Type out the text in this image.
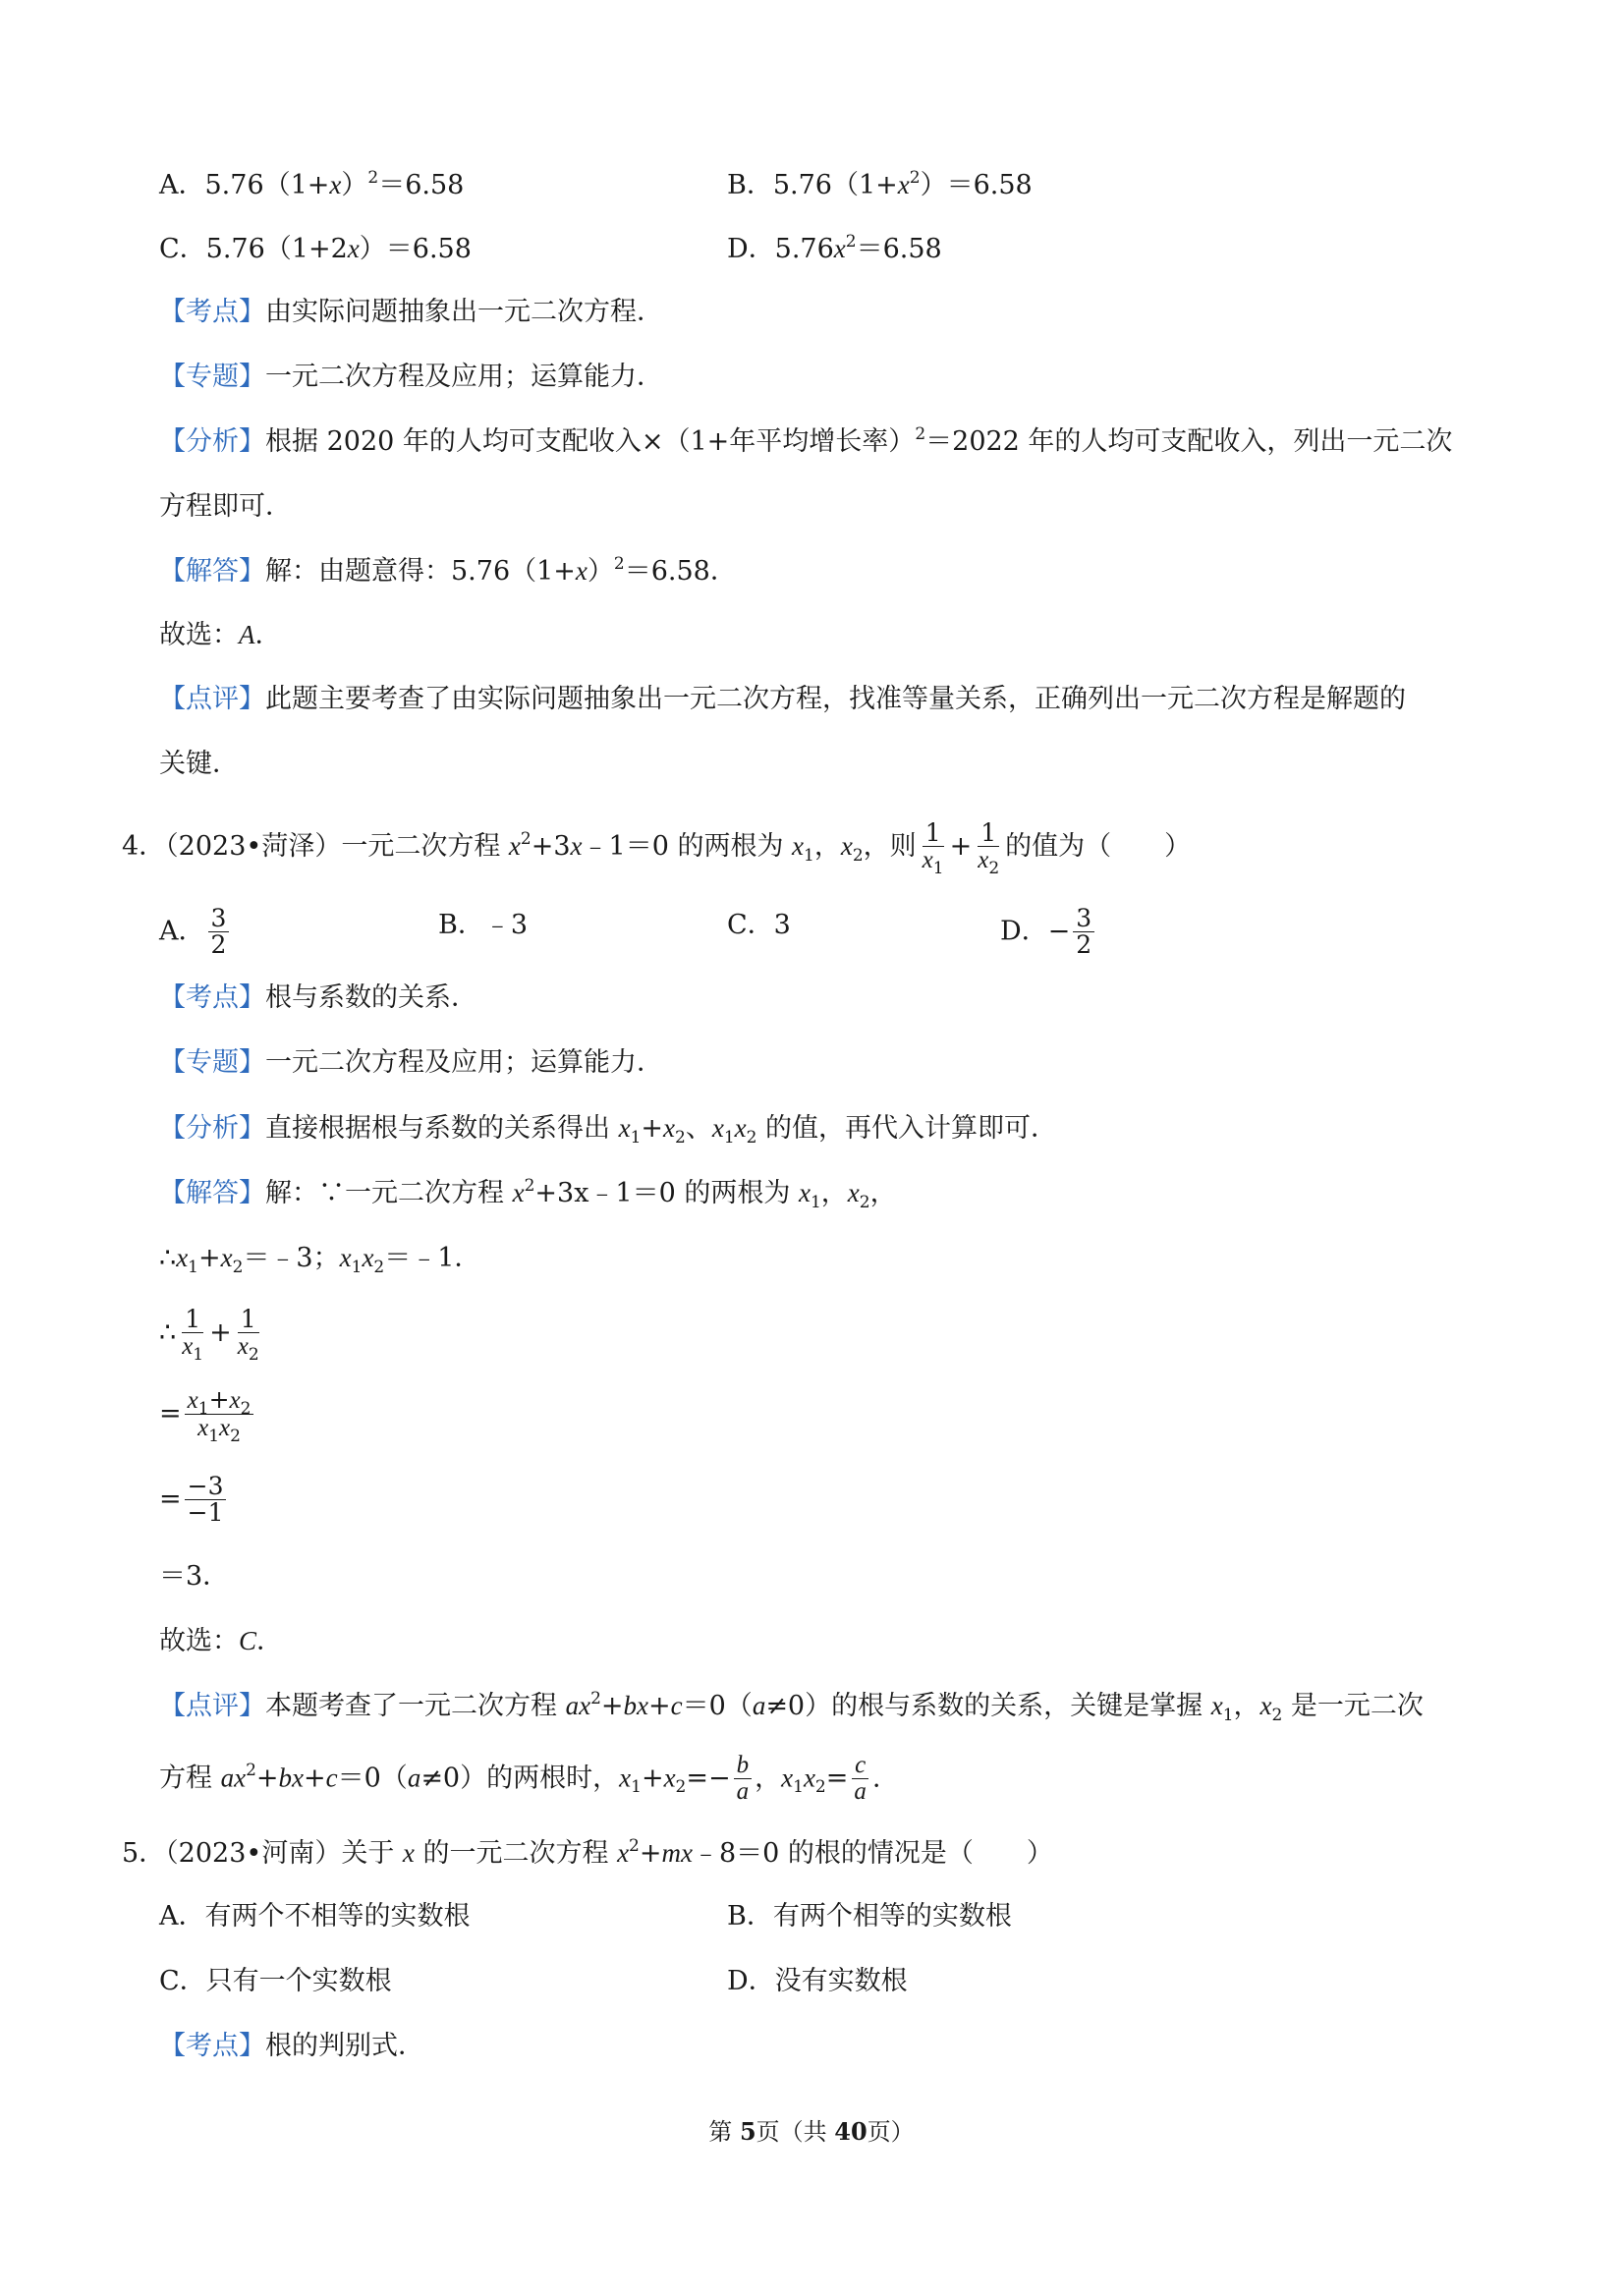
A．$5.76(1+x)^2=6.58$	B．$5.76(1+x^2)=6.58$
C．5.76（1+2x）＝6.58	D．$5.76x^2=6.58$
【考点】由实际问题抽象出一元二次方程．
【专题】一元二次方程及应用；运算能力．
【分析】根据 2020 年的人均可支配收入×（1+年平均增长率）$^2$＝2022 年的人均可支配收入，列出一元二次
方程即可．
【解答】解：由题意得：$5.76(1+x)^2=6.58$．
故选：A．
【点评】此题主要考查了由实际问题抽象出一元二次方程，找准等量关系，正确列出一元二次方程是解题的
关键．
4．（2023•菏泽）一元二次方程 $x^2+3x﹣1=0$ 的两根为 $x_1$，$x_2$，则 $\frac{1}{x_1} + \frac{1}{x_2}$ 的值为（　　）
A． $\frac{3}{2}$	B．﹣3	C．3	D．− $\frac{3}{2}$
【考点】根与系数的关系．
【专题】一元二次方程及应用；运算能力．
【分析】直接根据根与系数的关系得出 $x_1+x_2$、$x_1x_2$ 的值，再代入计算即可．
【解答】解：∵一元二次方程 $x^2+3x﹣1=0$ 的两根为 $x_1$，$x_2$，
$\therefore x_1+x_2=﹣3$；$x_1x_2=﹣1$．
∴ $\frac{1}{x_1} + \frac{1}{x_2}$
= $\frac{x_1+x_2}{x_1x_2}$
= $\frac{-3}{-1}$
＝3．
故选：C．
【点评】本题考查了一元二次方程 $ax^2+bx+c=0(a\ne 0)$的根与系数的关系，关键是掌握 $x_1$，$x_2$ 是一元二次
方程 $ax^2+bx+c=0(a\ne 0)$的两根时，$x_1+x_2=- \frac{b}{a}$ ，$x_1x_2= \frac{c}{a}$ .
5．（2023•河南）关于 x 的一元二次方程 $x^2+mx﹣8=0$ 的根的情况是（　　）
A．有两个不相等的实数根	B．有两个相等的实数根
C．只有一个实数根	D．没有实数根
【考点】根的判别式．
第 5页（共 40页）
